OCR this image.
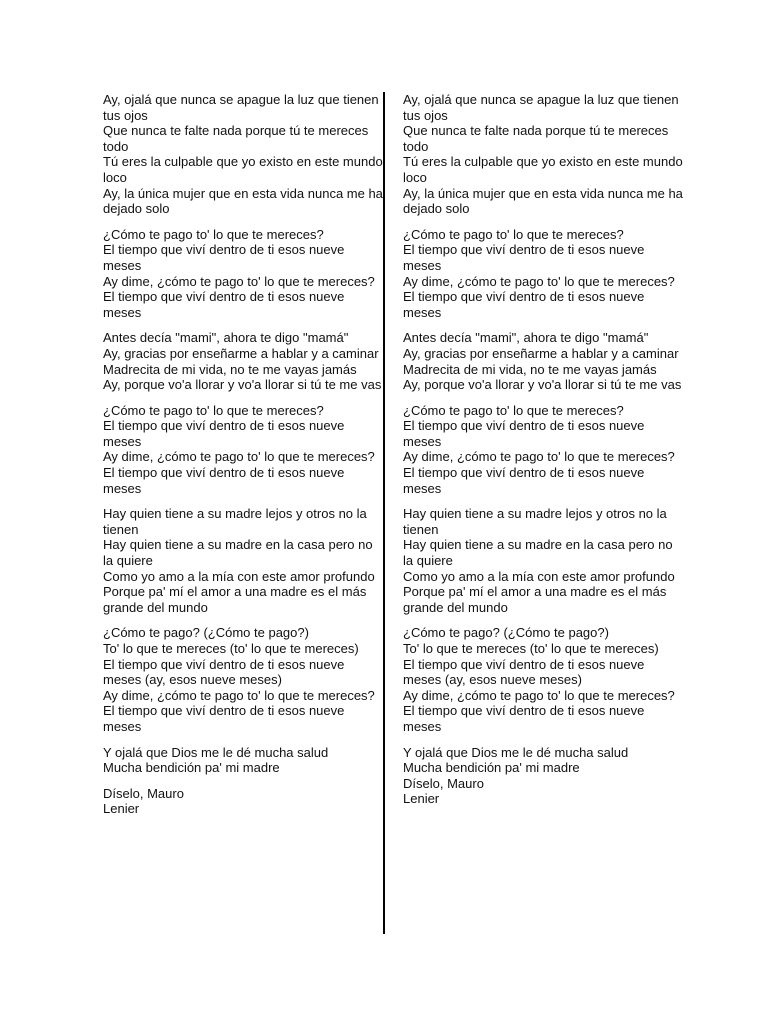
Ay, ojalá que nunca se apague la luz que tienen tus ojos
Que nunca te falte nada porque tú te mereces todo
Tú eres la culpable que yo existo en este mundo loco
Ay, la única mujer que en esta vida nunca me ha dejado solo
¿Cómo te pago to' lo que te mereces?
El tiempo que viví dentro de ti esos nueve meses
Ay dime, ¿cómo te pago to' lo que te mereces?
El tiempo que viví dentro de ti esos nueve meses
Antes decía "mami", ahora te digo "mamá"
Ay, gracias por enseñarme a hablar y a caminar
Madrecita de mi vida, no te me vayas jamás
Ay, porque vo'a llorar y vo'a llorar si tú te me vas
¿Cómo te pago to' lo que te mereces?
El tiempo que viví dentro de ti esos nueve meses
Ay dime, ¿cómo te pago to' lo que te mereces?
El tiempo que viví dentro de ti esos nueve meses
Hay quien tiene a su madre lejos y otros no la tienen
Hay quien tiene a su madre en la casa pero no la quiere
Como yo amo a la mía con este amor profundo
Porque pa' mí el amor a una madre es el más grande del mundo
¿Cómo te pago? (¿Cómo te pago?)
To' lo que te mereces (to' lo que te mereces)
El tiempo que viví dentro de ti esos nueve meses (ay, esos nueve meses)
Ay dime, ¿cómo te pago to' lo que te mereces?
El tiempo que viví dentro de ti esos nueve meses
Y ojalá que Dios me le dé mucha salud
Mucha bendición pa' mi madre
Díselo, Mauro
Lenier
Ay, ojalá que nunca se apague la luz que tienen tus ojos
Que nunca te falte nada porque tú te mereces todo
Tú eres la culpable que yo existo en este mundo loco
Ay, la única mujer que en esta vida nunca me ha dejado solo
¿Cómo te pago to' lo que te mereces?
El tiempo que viví dentro de ti esos nueve meses
Ay dime, ¿cómo te pago to' lo que te mereces?
El tiempo que viví dentro de ti esos nueve meses
Antes decía "mami", ahora te digo "mamá"
Ay, gracias por enseñarme a hablar y a caminar
Madrecita de mi vida, no te me vayas jamás
Ay, porque vo'a llorar y vo'a llorar si tú te me vas
¿Cómo te pago to' lo que te mereces?
El tiempo que viví dentro de ti esos nueve meses
Ay dime, ¿cómo te pago to' lo que te mereces?
El tiempo que viví dentro de ti esos nueve meses
Hay quien tiene a su madre lejos y otros no la tienen
Hay quien tiene a su madre en la casa pero no la quiere
Como yo amo a la mía con este amor profundo
Porque pa' mí el amor a una madre es el más grande del mundo
¿Cómo te pago? (¿Cómo te pago?)
To' lo que te mereces (to' lo que te mereces)
El tiempo que viví dentro de ti esos nueve meses (ay, esos nueve meses)
Ay dime, ¿cómo te pago to' lo que te mereces?
El tiempo que viví dentro de ti esos nueve meses
Y ojalá que Dios me le dé mucha salud
Mucha bendición pa' mi madre
Díselo, Mauro
Lenier
